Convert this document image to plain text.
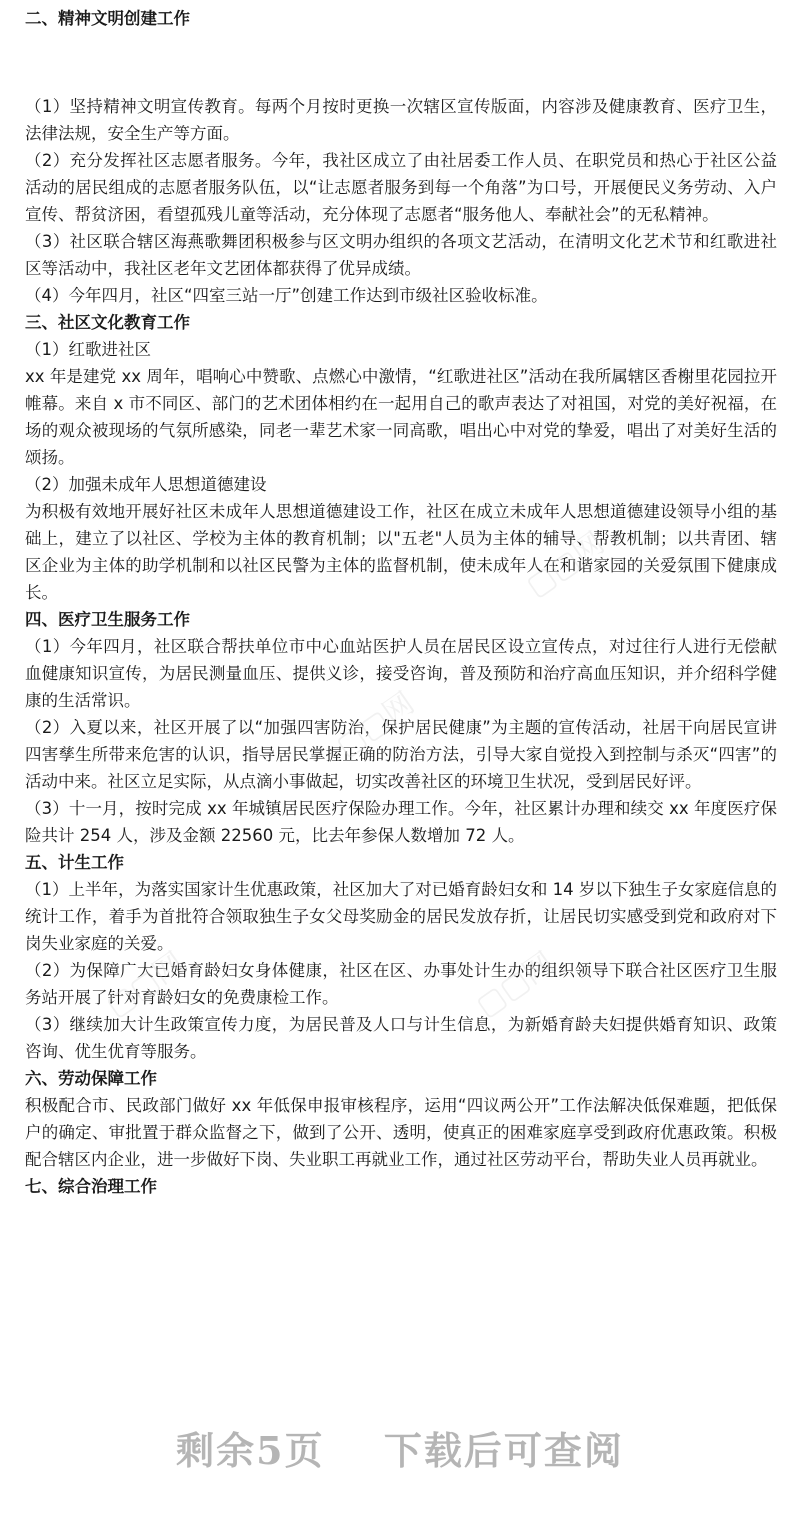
二、精神文明创建工作

（1）坚持精神文明宣传教育。每两个月按时更换一次辖区宣传版面，内容涉及健康教育、医疗卫生，法律法规，安全生产等方面。

（2）充分发挥社区志愿者服务。今年，我社区成立了由社居委工作人员、在职党员和热心于社区公益活动的居民组成的志愿者服务队伍，以“让志愿者服务到每一个角落”为口号，开展便民义务劳动、入户宣传、帮贫济困，看望孤残儿童等活动，充分体现了志愿者“服务他人、奉献社会”的无私精神。

（3）社区联合辖区海燕歌舞团积极参与区文明办组织的各项文艺活动，在清明文化艺术节和红歌进社区等活动中，我社区老年文艺团体都获得了优异成绩。

（4）今年四月，社区“四室三站一厅”创建工作达到市级社区验收标准。

三、社区文化教育工作

（1）红歌进社区

xx 年是建党 xx 周年，唱响心中赞歌、点燃心中激情，“红歌进社区”活动在我所属辖区香榭里花园拉开帷幕。来自 x 市不同区、部门的艺术团体相约在一起用自己的歌声表达了对祖国，对党的美好祝福，在场的观众被现场的气氛所感染，同老一辈艺术家一同高歌，唱出心中对党的挚爱，唱出了对美好生活的颂扬。

（2）加强未成年人思想道德建设

为积极有效地开展好社区未成年人思想道德建设工作，社区在成立未成年人思想道德建设领导小组的基础上，建立了以社区、学校为主体的教育机制；以"五老"人员为主体的辅导、帮教机制；以共青团、辖区企业为主体的助学机制和以社区民警为主体的监督机制，使未成年人在和谐家园的关爱氛围下健康成长。

四、医疗卫生服务工作

（1）今年四月，社区联合帮扶单位市中心血站医护人员在居民区设立宣传点，对过往行人进行无偿献血健康知识宣传，为居民测量血压、提供义诊，接受咨询，普及预防和治疗高血压知识，并介绍科学健康的生活常识。

（2）入夏以来，社区开展了以“加强四害防治，保护居民健康”为主题的宣传活动，社居干向居民宣讲四害孳生所带来危害的认识，指导居民掌握正确的防治方法，引导大家自觉投入到控制与杀灭“四害”的活动中来。社区立足实际，从点滴小事做起，切实改善社区的环境卫生状况，受到居民好评。

（3）十一月，按时完成 xx 年城镇居民医疗保险办理工作。今年，社区累计办理和续交 xx 年度医疗保险共计 254 人，涉及金额 22560 元，比去年参保人数增加 72 人。

五、计生工作

（1）上半年，为落实国家计生优惠政策，社区加大了对已婚育龄妇女和 14 岁以下独生子女家庭信息的统计工作，着手为首批符合领取独生子女父母奖励金的居民发放存折，让居民切实感受到党和政府对下岗失业家庭的关爱。

（2）为保障广大已婚育龄妇女身体健康，社区在区、办事处计生办的组织领导下联合社区医疗卫生服务站开展了针对育龄妇女的免费康检工作。

（3）继续加大计生政策宣传力度，为居民普及人口与计生信息，为新婚育龄夫妇提供婚育知识、政策咨询、优生优育等服务。

六、劳动保障工作

积极配合市、民政部门做好 xx 年低保申报审核程序，运用“四议两公开”工作法解决低保难题，把低保户的确定、审批置于群众监督之下，做到了公开、透明，使真正的困难家庭享受到政府优惠政策。积极配合辖区内企业，进一步做好下岗、失业职工再就业工作，通过社区劳动平台，帮助失业人员再就业。

七、综合治理工作
▢▢网
▢▢网
▢▢网
▢▢网
剩余5页 下载后可查阅
